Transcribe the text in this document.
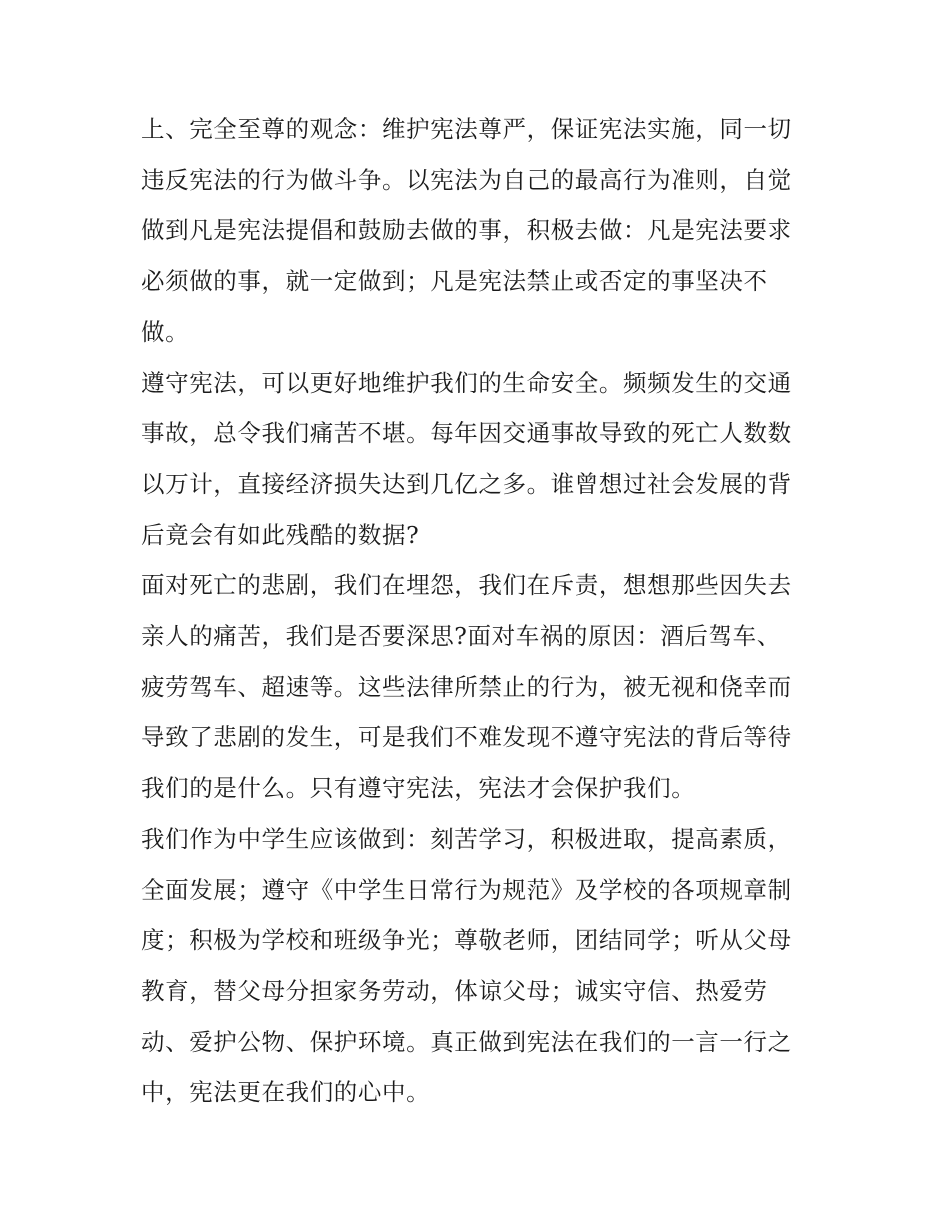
上、完全至尊的观念：维护宪法尊严，保证宪法实施，同一切
违反宪法的行为做斗争。以宪法为自己的最高行为准则，自觉
做到凡是宪法提倡和鼓励去做的事，积极去做：凡是宪法要求
必须做的事，就一定做到；凡是宪法禁止或否定的事坚决不
做。

遵守宪法，可以更好地维护我们的生命安全。频频发生的交通
事故，总令我们痛苦不堪。每年因交通事故导致的死亡人数数
以万计，直接经济损失达到几亿之多。谁曾想过社会发展的背
后竟会有如此残酷的数据?

面对死亡的悲剧，我们在埋怨，我们在斥责，想想那些因失去
亲人的痛苦，我们是否要深思?面对车祸的原因：酒后驾车、
疲劳驾车、超速等。这些法律所禁止的行为，被无视和侥幸而
导致了悲剧的发生，可是我们不难发现不遵守宪法的背后等待
我们的是什么。只有遵守宪法，宪法才会保护我们。

我们作为中学生应该做到：刻苦学习，积极进取，提高素质，
全面发展；遵守《中学生日常行为规范》及学校的各项规章制
度；积极为学校和班级争光；尊敬老师，团结同学；听从父母
教育，替父母分担家务劳动，体谅父母；诚实守信、热爱劳
动、爱护公物、保护环境。真正做到宪法在我们的一言一行之
中，宪法更在我们的心中。
